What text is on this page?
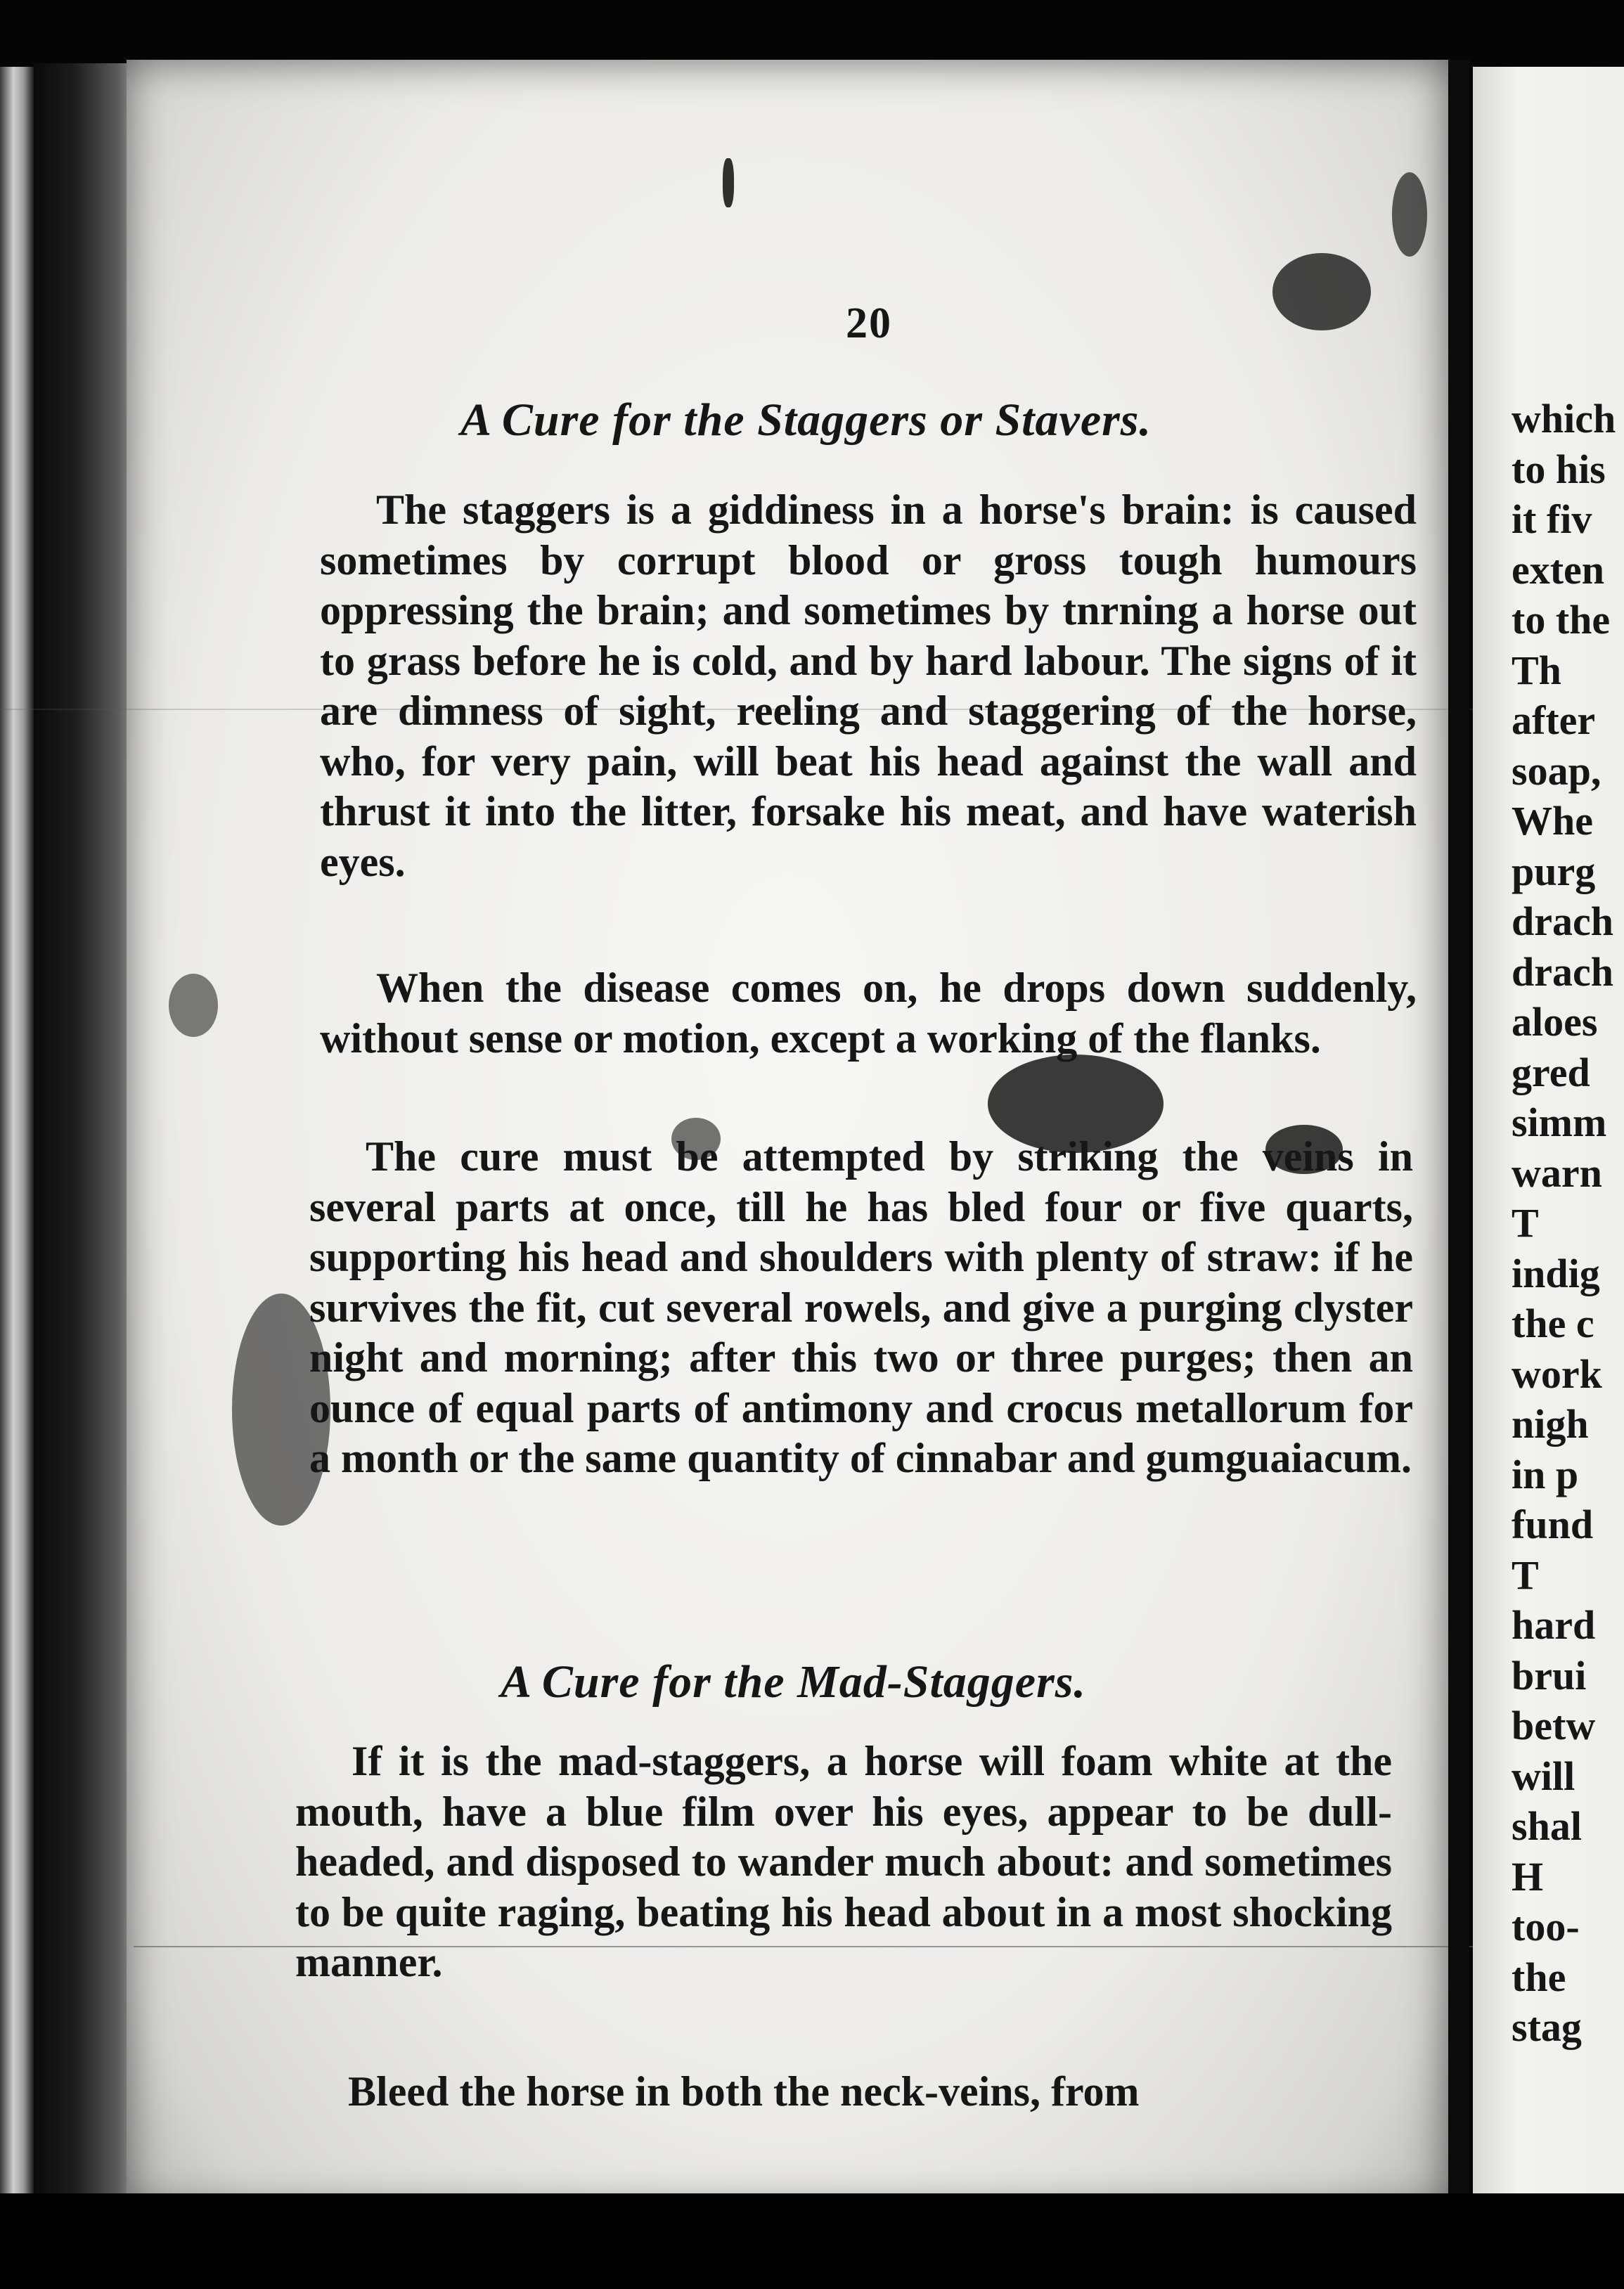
20
A Cure for the Staggers or Stavers.
The staggers is a giddiness in a horse's brain: is caused sometimes by corrupt blood or gross tough humours oppressing the brain; and sometimes by tnrning a horse out to grass before he is cold, and by hard labour. The signs of it are dimness of sight, reeling and staggering of the horse, who, for very pain, will beat his head against the wall and thrust it into the litter, forsake his meat, and have waterish eyes.
When the disease comes on, he drops down suddenly, without sense or motion, except a working of the flanks.
The cure must be attempted by striking the veins in several parts at once, till he has bled four or five quarts, supporting his head and shoulders with plenty of straw: if he survives the fit, cut several rowels, and give a purging clyster night and morning; after this two or three purges; then an ounce of equal parts of antimony and crocus metallorum for a month or the same quantity of cinnabar and gumguaiacum.
A Cure for the Mad-Staggers.
If it is the mad-staggers, a horse will foam white at the mouth, have a blue film over his eyes, appear to be dull-headed, and disposed to wander much about: and sometimes to be quite raging, beating his head about in a most shocking manner.
Bleed the horse in both the neck-veins, from
which
to his
it fiv
exten
to the
Th
after
soap,
Whe
purg
drach
drach
aloes
gred
simm
warn
T
indig
the c
work
nigh
in p
fund
T
hard
brui
betw
will
shal
H
too-
the
stag
